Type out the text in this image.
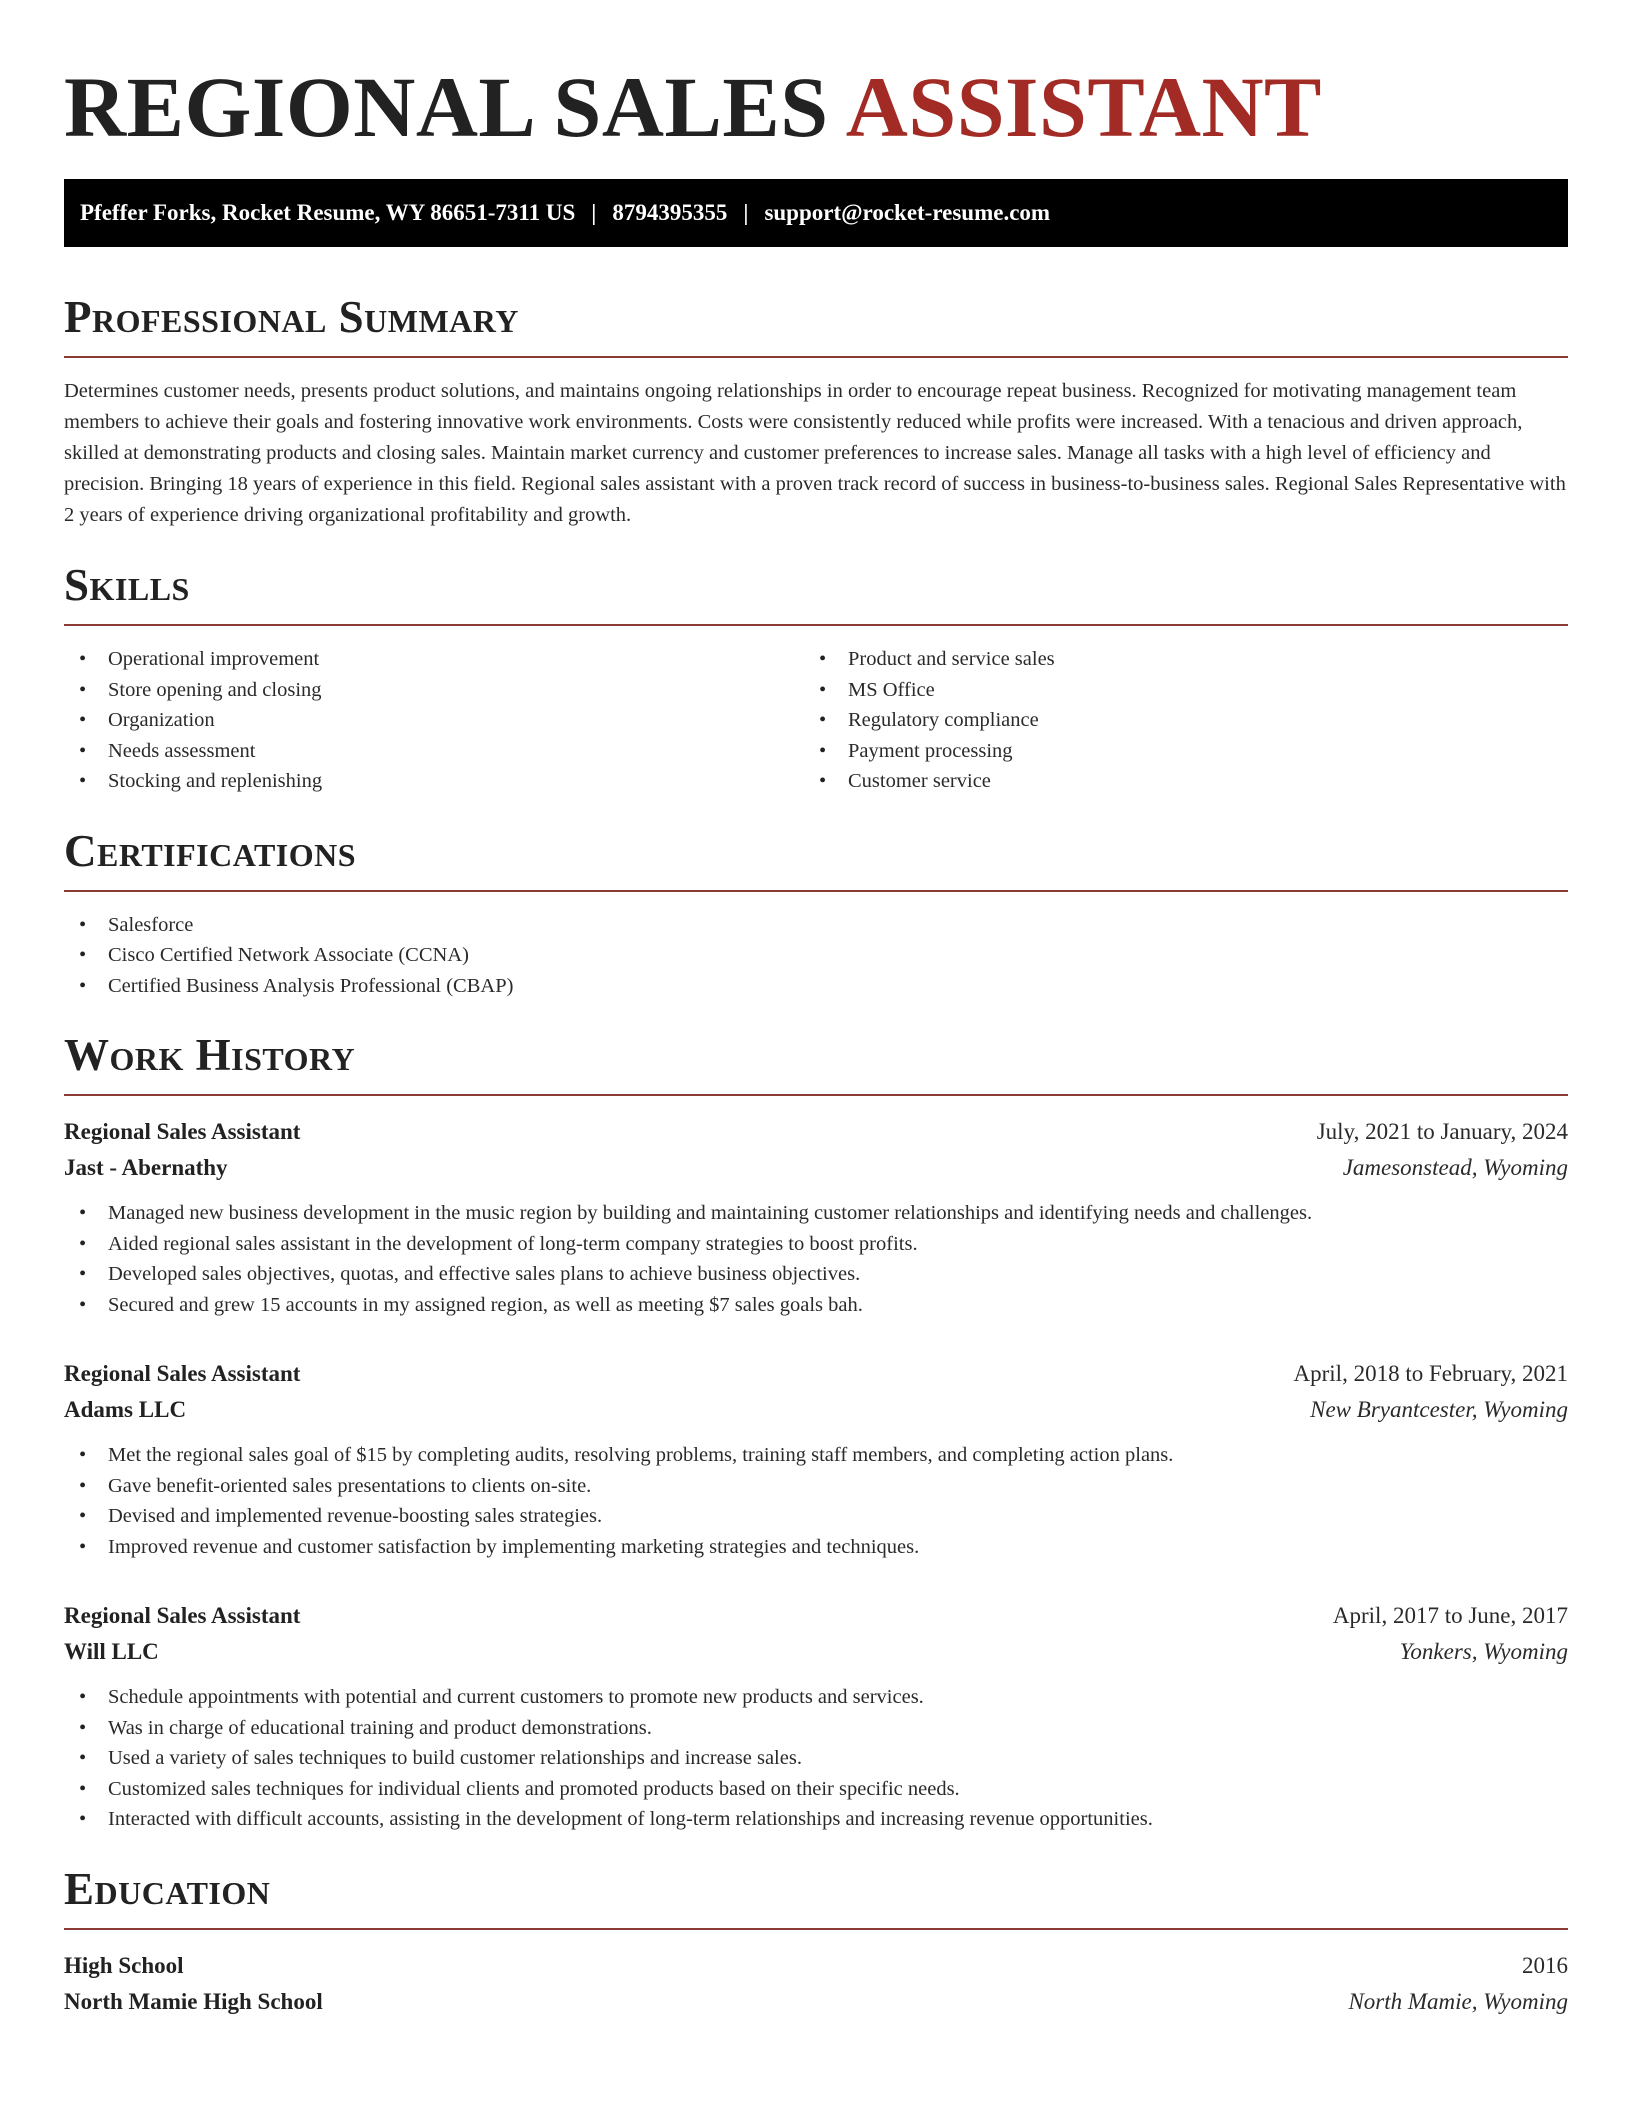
REGIONAL SALES ASSISTANT
Pfeffer Forks, Rocket Resume, WY 86651-7311 US | 8794395355 | support@rocket-resume.com
Professional Summary

Determines customer needs, presents product solutions, and maintains ongoing relationships in order to encourage repeat business. Recognized for motivating management team members to achieve their goals and fostering innovative work environments. Costs were consistently reduced while profits were increased. With a tenacious and driven approach, skilled at demonstrating products and closing sales. Maintain market currency and customer preferences to increase sales. Manage all tasks with a high level of efficiency and precision. Bringing 18 years of experience in this field. Regional sales assistant with a proven track record of success in business-to-business sales. Regional Sales Representative with 2 years of experience driving organizational profitability and growth.

Skills
• Operational improvement
• Store opening and closing
• Organization
• Needs assessment
• Stocking and replenishing
• Product and service sales
• MS Office
• Regulatory compliance
• Payment processing
• Customer service
Certifications
• Salesforce
• Cisco Certified Network Associate (CCNA)
• Certified Business Analysis Professional (CBAP)
Work History
Regional Sales Assistant	July, 2021 to January, 2024
Jast - Abernathy	Jamesonstead, Wyoming
• Managed new business development in the music region by building and maintaining customer relationships and identifying needs and challenges.
• Aided regional sales assistant in the development of long-term company strategies to boost profits.
• Developed sales objectives, quotas, and effective sales plans to achieve business objectives.
• Secured and grew 15 accounts in my assigned region, as well as meeting $7 sales goals bah.
Regional Sales Assistant	April, 2018 to February, 2021
Adams LLC	New Bryantcester, Wyoming
• Met the regional sales goal of $15 by completing audits, resolving problems, training staff members, and completing action plans.
• Gave benefit-oriented sales presentations to clients on-site.
• Devised and implemented revenue-boosting sales strategies.
• Improved revenue and customer satisfaction by implementing marketing strategies and techniques.
Regional Sales Assistant	April, 2017 to June, 2017
Will LLC	Yonkers, Wyoming
• Schedule appointments with potential and current customers to promote new products and services.
• Was in charge of educational training and product demonstrations.
• Used a variety of sales techniques to build customer relationships and increase sales.
• Customized sales techniques for individual clients and promoted products based on their specific needs.
• Interacted with difficult accounts, assisting in the development of long-term relationships and increasing revenue opportunities.
Education
High School	2016
North Mamie High School	North Mamie, Wyoming
